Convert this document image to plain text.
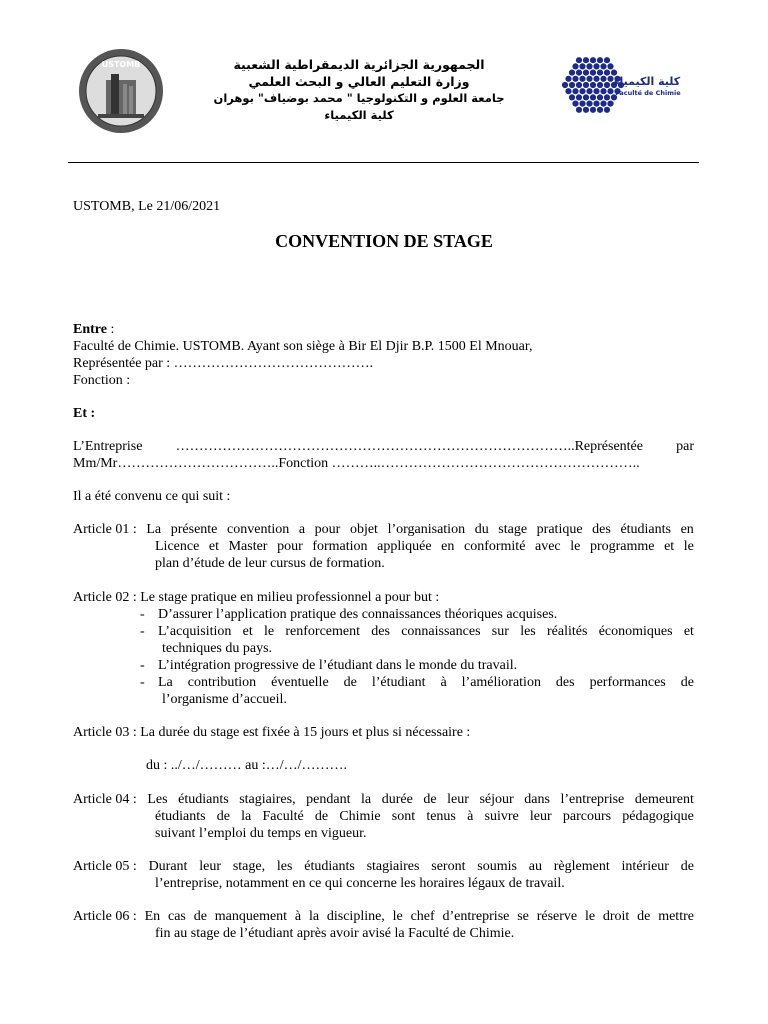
USTOMB	الجمهورية الجزائرية الديمقراطية الشعبية
وزارة التعليم العالي و البحث العلمي
جامعة العلوم و التكنولوجيا " محمد بوضياف" بوهران
كلية الكيمياء
كلية الكيمياء
Faculté de Chimie
USTOMB, Le 21/06/2021
CONVENTION DE STAGE
Entre :
Faculté de Chimie. USTOMB. Ayant son siège à Bir El Djir B.P. 1500 El Mnouar,
Représentée par : …………………………………….
Fonction :
Et :
L’Entreprise …………………………………………………………………………..Représentée par
Mm/Mr……………………………..Fonction ………..………………………………………………..
Il a été convenu ce qui suit :
Article 01 : La présente convention a pour objet l’organisation du stage pratique des étudiants en
Licence et Master pour formation appliquée en conformité avec le programme et le
plan d’étude de leur cursus de formation.
Article 02 : Le stage pratique en milieu professionnel a pour but :
- D’assurer l’application pratique des connaissances théoriques acquises.
- L’acquisition et le renforcement des connaissances sur les réalités économiques et
techniques du pays.
- L’intégration progressive de l’étudiant dans le monde du travail.
- La contribution éventuelle de l’étudiant à l’amélioration des performances de
l’organisme d’accueil.
Article 03 : La durée du stage est fixée à 15 jours et plus si nécessaire :
du : ../…/……… au :…/…/……….
Article 04 : Les étudiants stagiaires, pendant la durée de leur séjour dans l’entreprise demeurent
étudiants de la Faculté de Chimie sont tenus à suivre leur parcours pédagogique
suivant l’emploi du temps en vigueur.
Article 05 : Durant leur stage, les étudiants stagiaires seront soumis au règlement intérieur de
l’entreprise, notamment en ce qui concerne les horaires légaux de travail.
Article 06 : En cas de manquement à la discipline, le chef d’entreprise se réserve le droit de mettre
fin au stage de l’étudiant après avoir avisé la Faculté de Chimie.
